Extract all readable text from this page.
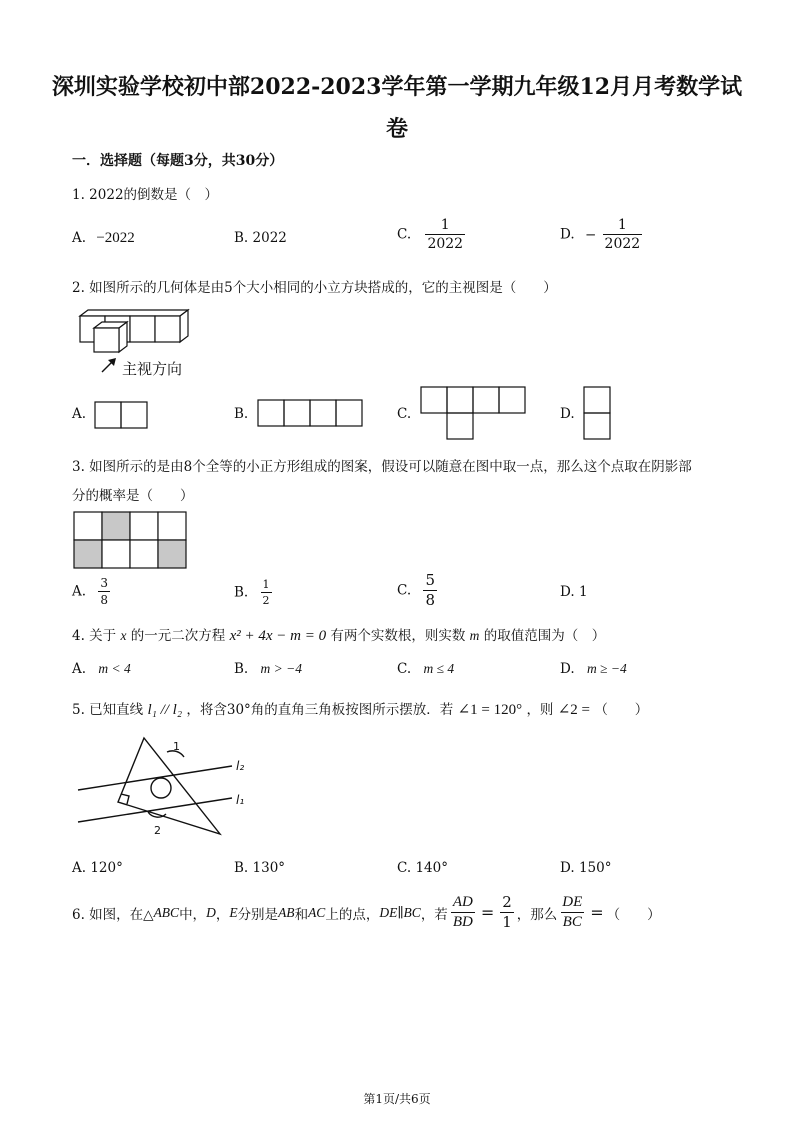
深圳实验学校初中部2022-2023学年第一学期九年级12月月考数学试
卷
一．选择题（每题3分，共30分）
1. 2022的倒数是（　）
A. −2022	B. 2022	C. $\frac{1}{2022}$	D. − $\frac{1}{2022}$
2. 如图所示的几何体是由5个大小相同的小立方块搭成的，它的主视图是（　　）
主视方向
A.	B.	C.	D.
3. 如图所示的是由8个全等的小正方形组成的图案，假设可以随意在图中取一点，那么这个点取在阴影部
分的概率是（　　）
A. $\frac{3}{8}$	B. $\frac{1}{2}$	C. $\frac{5}{8}$	D. 1
4. 关于 x 的一元二次方程 x² + 4x − m = 0 有两个实数根，则实数 m 的取值范围为（　）
A. m < 4	B. m > −4	C. m ≤ 4	D. m ≥ −4
5. 已知直线 l₁ // l₂ ，将含30°角的直角三角板按图所示摆放．若 ∠1 = 120° ，则 ∠2 = （　　）
1
2
l₂
l₁
A. 120°	B. 130°	C. 140°	D. 150°
6. 如图，在△ ABC 中， D ， E 分别是 AB 和 AC 上的点， DE∥BC ，若 $\frac{AD}{BD} = \frac{2}{1}$ ，那么 $\frac{DE}{BC}$ = （　　）
第1页/共6页
